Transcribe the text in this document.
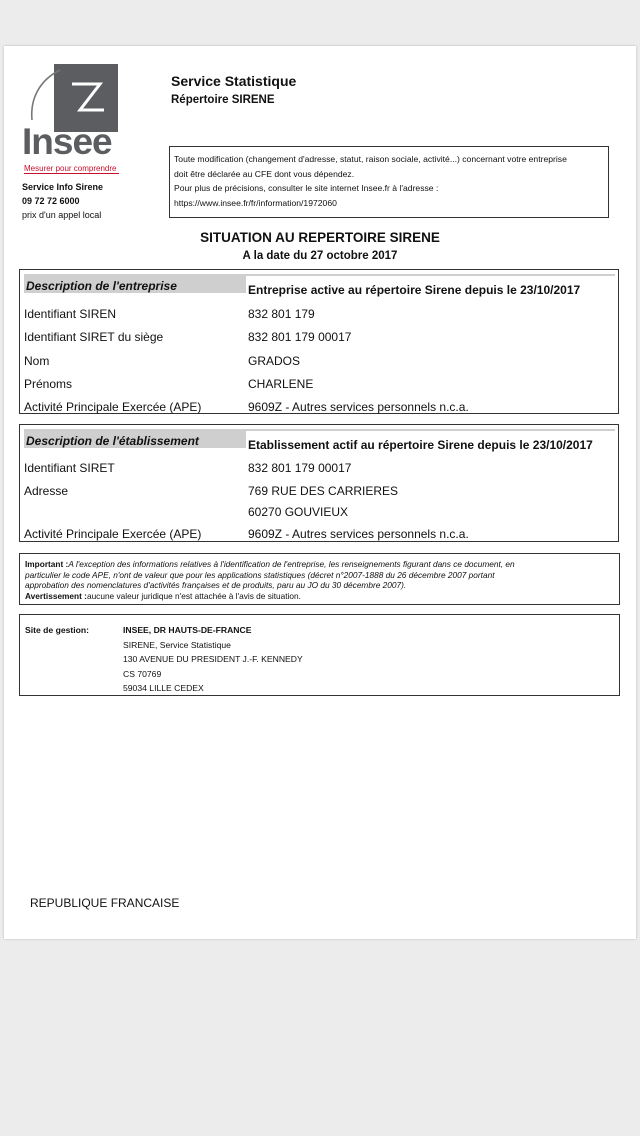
Insee
Mesurer pour comprendre
Service Info Sirene
09 72 72 6000
prix d'un appel local
Service Statistique
Répertoire SIRENE
Toute modification (changement d'adresse, statut, raison sociale, activité...) concernant votre entreprise
doit être déclarée au CFE dont vous dépendez.
Pour plus de précisions, consulter le site internet Insee.fr à l'adresse :
https://www.insee.fr/fr/information/1972060
SITUATION AU REPERTOIRE SIRENE
A la date du 27 octobre 2017
Description de l'entreprise	Entreprise active au répertoire Sirene depuis le 23/10/2017
Identifiant SIREN	832 801 179
Identifiant SIRET du siège	832 801 179 00017
Nom	GRADOS
Prénoms	CHARLENE
Activité Principale Exercée (APE)	9609Z - Autres services personnels n.c.a.
Description de l'établissement	Etablissement actif au répertoire Sirene depuis le 23/10/2017
Identifiant SIRET	832 801 179 00017
Adresse	769 RUE DES CARRIERES
60270 GOUVIEUX
Activité Principale Exercée (APE)	9609Z - Autres services personnels n.c.a.
Important :A l'exception des informations relatives à l'identification de l'entreprise, les renseignements figurant dans ce document, en
particulier le code APE, n'ont de valeur que pour les applications statistiques (décret n°2007-1888 du 26 décembre 2007 portant
approbation des nomenclatures d'activités françaises et de produits, paru au JO du 30 décembre 2007).
Avertissement :aucune valeur juridique n'est attachée à l'avis de situation.
Site de gestion:	INSEE, DR HAUTS-DE-FRANCE
SIRENE, Service Statistique
130 AVENUE DU PRESIDENT J.-F. KENNEDY
CS 70769
59034 LILLE CEDEX
REPUBLIQUE FRANCAISE
